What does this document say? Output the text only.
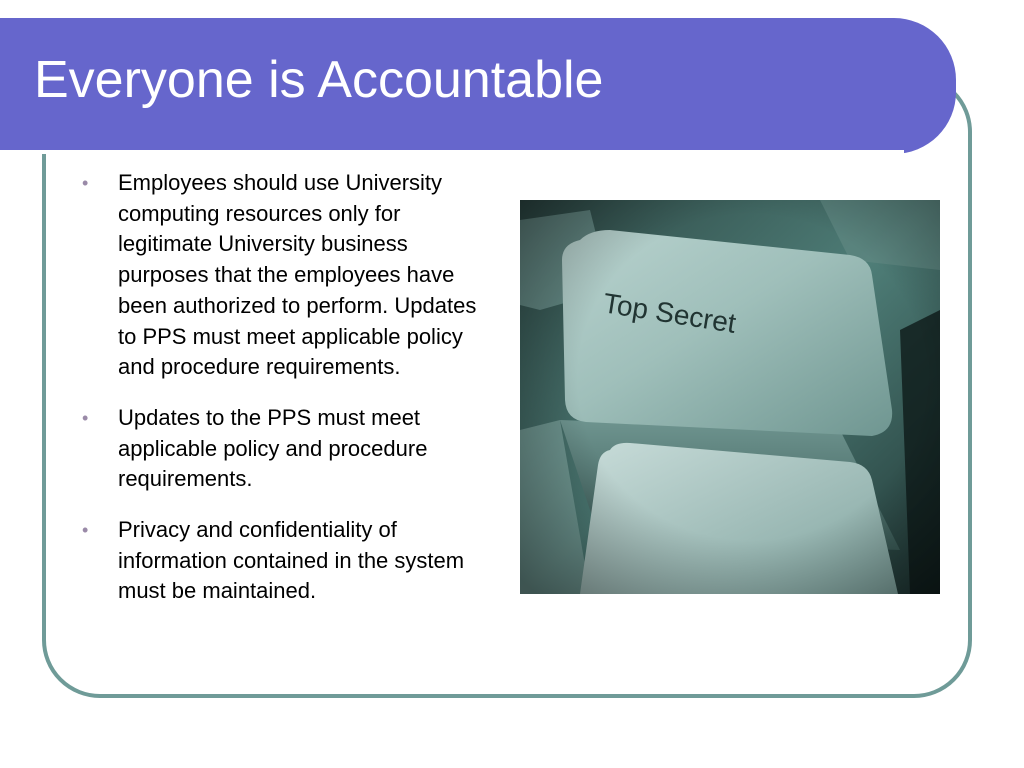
Everyone is Accountable
• Employees should use University computing resources only for legitimate University business purposes that the employees have been authorized to perform. Updates to PPS must meet applicable policy and procedure requirements.
• Updates to the PPS must meet applicable policy and procedure requirements.
• Privacy and confidentiality of information contained in the system must be maintained.
